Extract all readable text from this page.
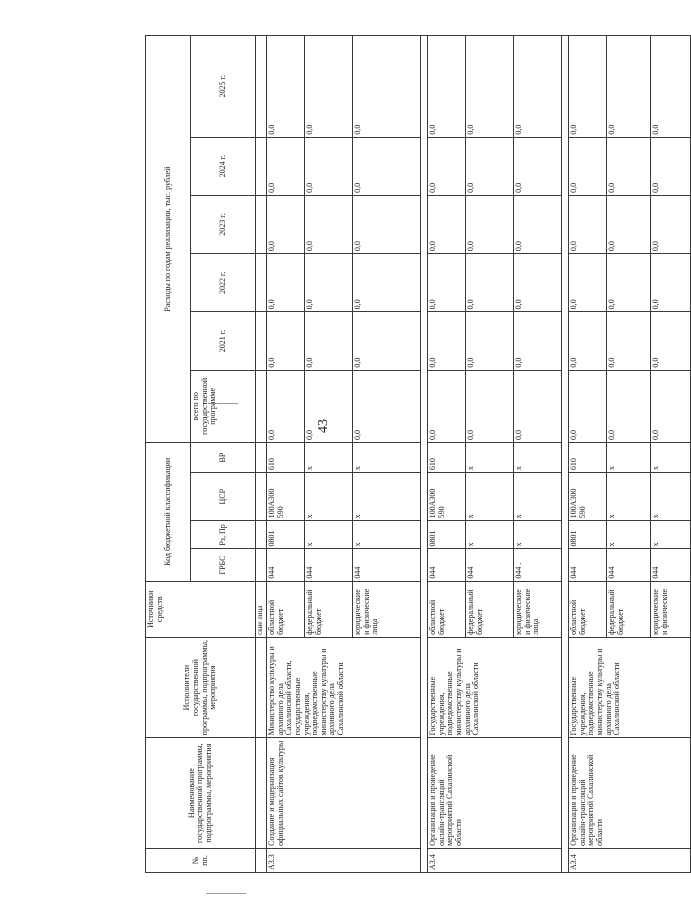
43
№ пп.	Наименование государственной программы, подпрограммы, мероприятия	Исполнители государственной программы, подпрограммы, мероприятия	Источники средств	Код бюджетной классификации				Расходы по годам реализации, тыс. рублей					
				ГРБС	Рз, Пр	ЦСР	ВР	всего по государственной программе	2021 г.	2022 г.	2023 г.	2024 г.	2025 г.
			ские лица										
А3.3	Создание и модернизация официальных сайтов культуры	Министерство культуры и архивного дела Сахалинской области, государственные учреждения, подведомственные министерству культуры и архивного дела Сахалинской области	областной бюджет	044	0801	100А300 590	610	0,0	0,0	0,0	0,0	0,0	0,0
			федеральный бюджет	044	х	х	х	0,0	0,0	0,0	0,0	0,0	0,0
			юридические и физические лица	044	х	х	х	0,0	0,0	0,0	0,0	0,0	0,0

А3.4	Организация и проведение онлайн-трансляций мероприятий Сахалинской области	Государственные учреждения, подведомственные министерству культуры и архивного дела Сахалинской области	областной бюджет	044	0801	100А300 590	610	0,0	0,0	0,0	0,0	0,0	0,0
			федеральный бюджет	044	х	х	х	0,0	0,0	0,0	0,0	0,0	0,0
			юридические и физические лица	044 .	х	х	х	0,0	0,0	0,0	0,0	0,0	0,0

А3.4	Организация и проведение онлайн-трансляций мероприятий Сахалинской области	Государственные учреждения, подведомственные министерству культуры и архивного дела Сахалинской области	областной бюджет	044	0801	100А300 590	610	0,0	0,0	0,0	0,0	0,0	0,0
			федеральный бюджет	044	х	х	х	0,0	0,0	0,0	0,0	0,0	0,0
			юридические и физические	044	х	х	х	0,0	0,0	0,0	0,0	0,0	0,0
